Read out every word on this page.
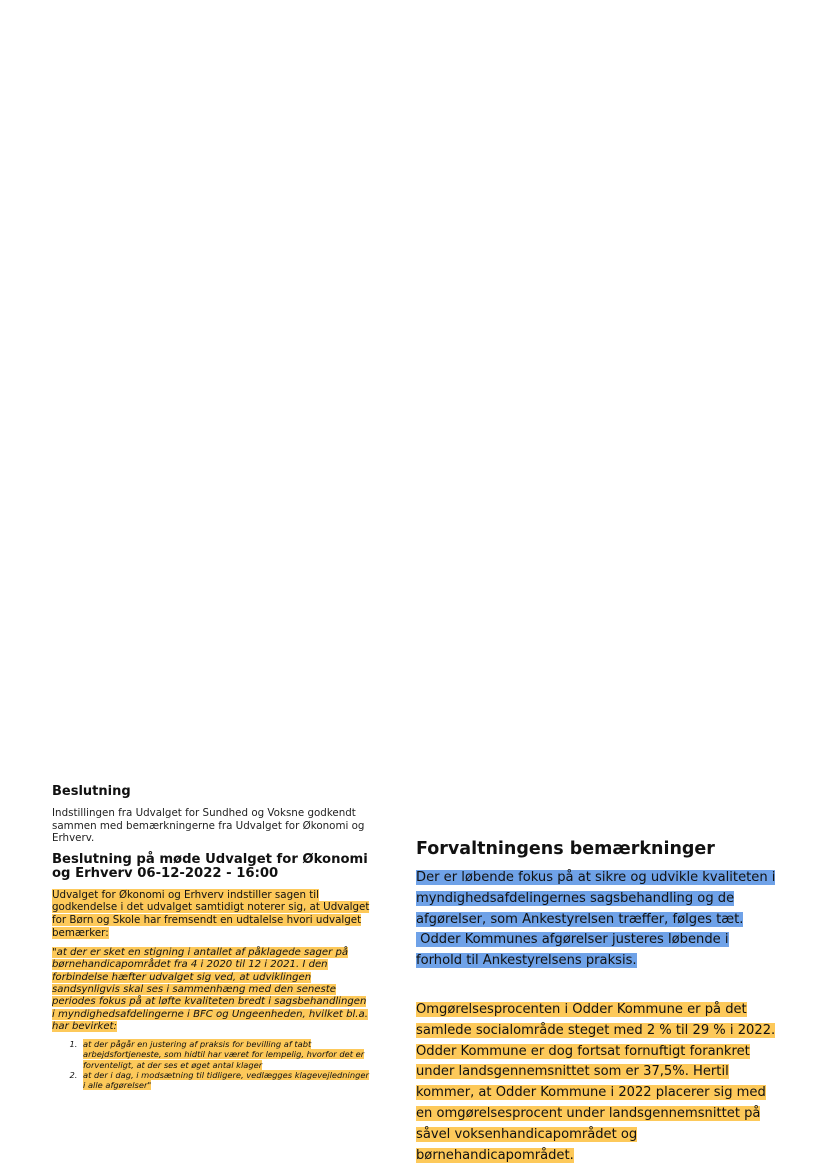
Beslutning

Indstillingen fra Udvalget for Sundhed og Voksne godkendt sammen med bemærkningerne fra Udvalget for Økonomi og Erhverv.

Beslutning på møde Udvalget for Økonomi og Erhverv 06-12-2022 - 16:00

Udvalget for Økonomi og Erhverv indstiller sagen til godkendelse i det udvalget samtidigt noterer sig, at Udvalget for Børn og Skole har fremsendt en udtalelse hvori udvalget bemærker:

"at der er sket en stigning i antallet af påklagede sager på børnehandicapområdet fra 4 i 2020 til 12 i 2021. I den forbindelse hæfter udvalget sig ved, at udviklingen sandsynligvis skal ses i sammenhæng med den seneste periodes fokus på at løfte kvaliteten bredt i sagsbehandlingen i myndighedsafdelingerne i BFC og Ungeenheden, hvilket bl.a. har bevirket:

1. at der pågår en justering af praksis for bevilling af tabt arbejdsfortjeneste, som hidtil har været for lempelig, hvorfor det er forventeligt, at der ses et øget antal klager
2. at der i dag, i modsætning til tidligere, vedlægges klagevejledninger i alle afgørelser"
Forvaltningens bemærkninger

Der er løbende fokus på at sikre og udvikle kvaliteten i
myndighedsafdelingernes sagsbehandling og de
afgørelser, som Ankestyrelsen træffer, følges tæt.
Odder Kommunes afgørelser justeres løbende i
forhold til Ankestyrelsens praksis.

Omgørelsesprocenten i Odder Kommune er på det
samlede socialområde steget med 2 % til 29 % i 2022.
Odder Kommune er dog fortsat fornuftigt forankret
under landsgennemsnittet som er 37,5%. Hertil
kommer, at Odder Kommune i 2022 placerer sig med
en omgørelsesprocent under landsgennemsnittet på
såvel voksenhandicapområdet og
børnehandicapområdet.
